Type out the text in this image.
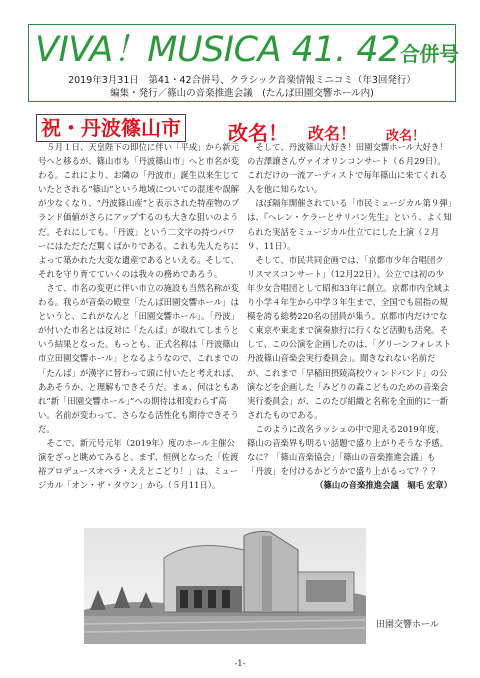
VIVA！MUSICA 41. 42合併号
2019年3月31日　第41・42合併号、クラシック音楽情報ミニコミ（年3回発行）
編集・発行／篠山の音楽推進会議　(たんば田園交響ホール内)
祝・丹波篠山市 改名！ 改名！ 改名！

５月１日、天皇陛下の即位に伴い「平成」から新元号へと移るが、篠山市も「丹波篠山市」へと市名が変わる。これにより、お隣の「丹波市」誕生以来生じていたとされる“篠山”という地域についての混迷や誤解が少なくなり、“丹波篠山産”と表示された特産物のブランド価値がさらにアップするのも大きな狙いのようだ。それにしても、「丹波」という二文字の持つパワーにはただただ驚くばかりである。これも先人たちによって築かれた大変な遺産であるといえる。そして、それを守り育てていくのは我々の務めであろう。

さて、市名の変更に伴い市立の施設も当然名称が変わる。我らが音楽の殿堂「たんば田園交響ホール」はというと、これがなんと「田園交響ホール」。「丹波」が付いた市名とは反対に「たんば」が取れてしまうという結果となった。もっとも、正式名称は「丹波篠山市立田園交響ホール」となるようなので、これまでの「たんば」が漢字に替わって頭に付いたと考えれば、ああそうか、と理解もできそうだ。まぁ、何はともあれ“新「田園交響ホール」”への期待は相変わらず高い。名前が変わって、さらなる活性化も期待できそうだ。

そこで、新元号元年（2019年）度のホール主催公演をざっと眺めてみると、まず、恒例となった「佐渡裕プロデュースオペラ・ええとこどり！」は、ミュージカル「オン・ザ・タウン」から（５月11日）。

そして、丹波篠山大好き！田園交響ホール大好き！の吉澤譲さんヴァイオリンコンサート（６月29日）。これだけの一流アーティストで毎年篠山に来てくれる人を他に知らない。

ほぼ隔年開催されている「市民ミュージカル第９弾」は、『ヘレン・ケラーとサリバン先生』という、よく知られた実話をミュージカル仕立てにした上演（２月９、11日）。

そして、市民共同企画では、「京都市少年合唱団クリスマスコンサート」（12月22日）。公立では初の少年少女合唱団として昭和33年に創立。京都市内全域より小学４年生から中学３年生まで、全国でも屈指の規模を誇る総勢220名の団員が集う。京都市内だけでなく東京や東北まで演奏旅行に行くなど活動も活発。そして、この公演を企画したのは、「グリーンフォレスト丹波篠山音楽会実行委員会」。聞きなれない名前だが、これまで「早稲田摂陵高校ウィンドバンド」の公演などを企画した「みどりの森こどものための音楽会実行委員会」が、このたび組織と名称を全面的に一新されたものである。

このように改名ラッシュの中で迎える2019年度、篠山の音楽界も明るい話題で盛り上がりそうな予感。なに？「篠山音楽協会」「篠山の音楽推進会議」も「丹波」を付けるかどうかで盛り上がるって？？？

（篠山の音楽推進会議　堀毛 宏章）
田園交響ホール
-1-
